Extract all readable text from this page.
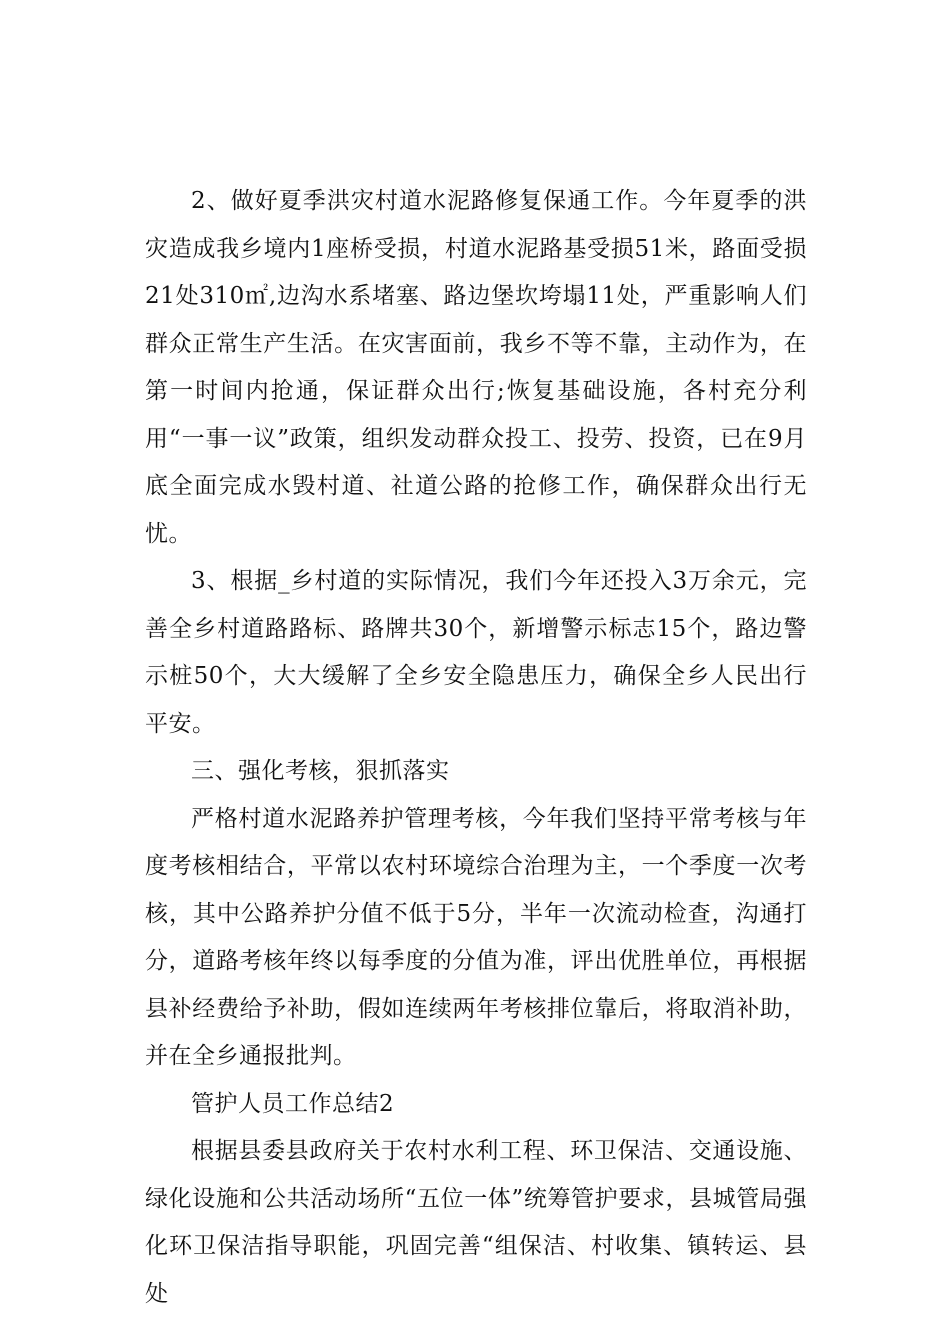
2、做好夏季洪灾村道水泥路修复保通工作。今年夏季的洪灾造成我乡境内1座桥受损，村道水泥路基受损51米，路面受损21处310㎡,边沟水系堵塞、路边堡坎垮塌11处，严重影响人们群众正常生产生活。在灾害面前，我乡不等不靠，主动作为，在第一时间内抢通，保证群众出行;恢复基础设施，各村充分利用“一事一议”政策，组织发动群众投工、投劳、投资，已在9月底全面完成水毁村道、社道公路的抢修工作，确保群众出行无忧。

3、根据_乡村道的实际情况，我们今年还投入3万余元，完善全乡村道路路标、路牌共30个，新增警示标志15个，路边警示桩50个，大大缓解了全乡安全隐患压力，确保全乡人民出行平安。

三、强化考核，狠抓落实

严格村道水泥路养护管理考核，今年我们坚持平常考核与年度考核相结合，平常以农村环境综合治理为主，一个季度一次考核，其中公路养护分值不低于5分，半年一次流动检查，沟通打分，道路考核年终以每季度的分值为准，评出优胜单位，再根据县补经费给予补助，假如连续两年考核排位靠后，将取消补助，并在全乡通报批判。

管护人员工作总结2

根据县委县政府关于农村水利工程、环卫保洁、交通设施、绿化设施和公共活动场所“五位一体”统筹管护要求，县城管局强化环卫保洁指导职能，巩固完善“组保洁、村收集、镇转运、县处
